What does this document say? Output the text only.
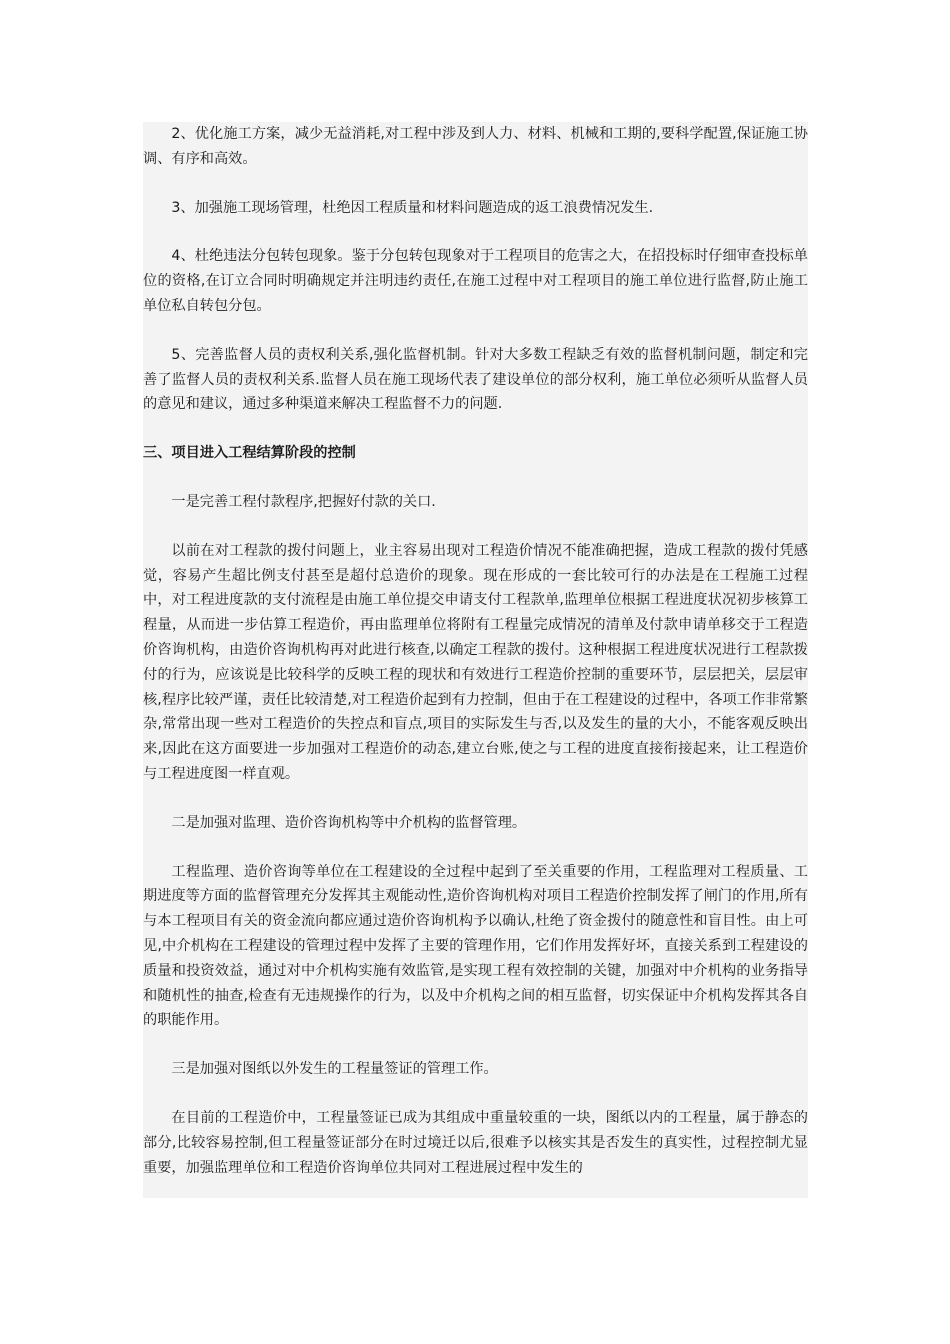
2、优化施工方案，减少无益消耗,对工程中涉及到人力、材料、机械和工期的,要科学配置,保证施工协调、有序和高效。

3、加强施工现场管理，杜绝因工程质量和材料问题造成的返工浪费情况发生.

4、杜绝违法分包转包现象。鉴于分包转包现象对于工程项目的危害之大，在招投标时仔细审查投标单位的资格,在订立合同时明确规定并注明违约责任,在施工过程中对工程项目的施工单位进行监督,防止施工单位私自转包分包。

5、完善监督人员的责权利关系,强化监督机制。针对大多数工程缺乏有效的监督机制问题，制定和完善了监督人员的责权利关系.监督人员在施工现场代表了建设单位的部分权利，施工单位必须听从监督人员的意见和建议，通过多种渠道来解决工程监督不力的问题.

三、项目进入工程结算阶段的控制

一是完善工程付款程序,把握好付款的关口.

以前在对工程款的拨付问题上，业主容易出现对工程造价情况不能准确把握，造成工程款的拨付凭感觉，容易产生超比例支付甚至是超付总造价的现象。现在形成的一套比较可行的办法是在工程施工过程中，对工程进度款的支付流程是由施工单位提交申请支付工程款单,监理单位根据工程进度状况初步核算工程量，从而进一步估算工程造价，再由监理单位将附有工程量完成情况的清单及付款申请单移交于工程造价咨询机构，由造价咨询机构再对此进行核查,以确定工程款的拨付。这种根据工程进度状况进行工程款拨付的行为，应该说是比较科学的反映工程的现状和有效进行工程造价控制的重要环节，层层把关，层层审核,程序比较严谨，责任比较清楚,对工程造价起到有力控制，但由于在工程建设的过程中，各项工作非常繁杂,常常出现一些对工程造价的失控点和盲点,项目的实际发生与否,以及发生的量的大小，不能客观反映出来,因此在这方面要进一步加强对工程造价的动态,建立台账,使之与工程的进度直接衔接起来，让工程造价与工程进度图一样直观。

二是加强对监理、造价咨询机构等中介机构的监督管理。

工程监理、造价咨询等单位在工程建设的全过程中起到了至关重要的作用，工程监理对工程质量、工期进度等方面的监督管理充分发挥其主观能动性,造价咨询机构对项目工程造价控制发挥了闸门的作用,所有与本工程项目有关的资金流向都应通过造价咨询机构予以确认,杜绝了资金拨付的随意性和盲目性。由上可见,中介机构在工程建设的管理过程中发挥了主要的管理作用，它们作用发挥好坏，直接关系到工程建设的质量和投资效益，通过对中介机构实施有效监管,是实现工程有效控制的关键，加强对中介机构的业务指导和随机性的抽查,检查有无违规操作的行为，以及中介机构之间的相互监督，切实保证中介机构发挥其各自的职能作用。

三是加强对图纸以外发生的工程量签证的管理工作。

在目前的工程造价中，工程量签证已成为其组成中重量较重的一块，图纸以内的工程量，属于静态的部分,比较容易控制,但工程量签证部分在时过境迁以后,很难予以核实其是否发生的真实性，过程控制尤显重要，加强监理单位和工程造价咨询单位共同对工程进展过程中发生的
